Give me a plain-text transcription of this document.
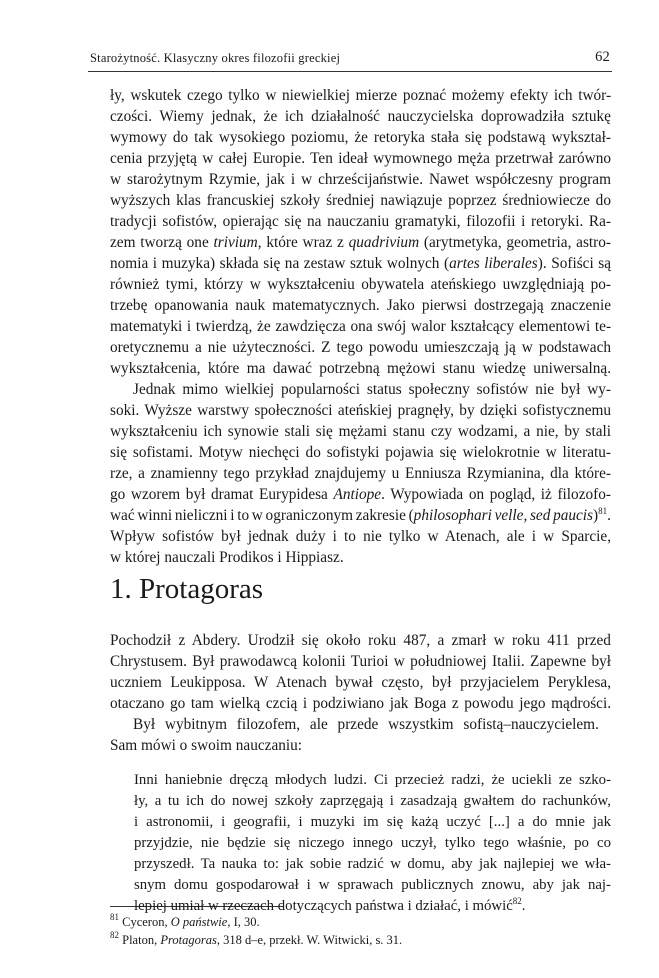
Starożytność. Klasyczny okres filozofii greckiej	62
1. Protagoras
ły, wskutek czego tylko w niewielkiej mierze poznać możemy efekty ich twór-
czości. Wiemy jednak, że ich działalność nauczycielska doprowadziła sztukę
wymowy do tak wysokiego poziomu, że retoryka stała się podstawą wykształ-
cenia przyjętą w całej Europie. Ten ideał wymownego męża przetrwał zarówno
w starożytnym Rzymie, jak i w chrześcijaństwie. Nawet współczesny program
wyższych klas francuskiej szkoły średniej nawiązuje poprzez średniowiecze do
tradycji sofistów, opierając się na nauczaniu gramatyki, filozofii i retoryki. Ra-
zem tworzą one trivium, które wraz z quadrivium (arytmetyka, geometria, astro-
nomia i muzyka) składa się na zestaw sztuk wolnych (artes liberales). Sofiści są
również tymi, którzy w wykształceniu obywatela ateńskiego uwzględniają po-
trzebę opanowania nauk matematycznych. Jako pierwsi dostrzegają znaczenie
matematyki i twierdzą, że zawdzięcza ona swój walor kształcący elementowi te-
oretycznemu a nie użyteczności. Z tego powodu umieszczają ją w podstawach
wykształcenia, które ma dawać potrzebną mężowi stanu wiedzę uniwersalną.
Jednak mimo wielkiej popularności status społeczny sofistów nie był wy-
soki. Wyższe warstwy społeczności ateńskiej pragnęły, by dzięki sofistycznemu
wykształceniu ich synowie stali się mężami stanu czy wodzami, a nie, by stali
się sofistami. Motyw niechęci do sofistyki pojawia się wielokrotnie w literatu-
rze, a znamienny tego przykład znajdujemy u Enniusza Rzymianina, dla które-
go wzorem był dramat Eurypidesa Antiope. Wypowiada on pogląd, iż filozofo-
wać winni nieliczni i to w ograniczonym zakresie (philosophari velle, sed paucis)$^{81}$.
Wpływ sofistów był jednak duży i to nie tylko w Atenach, ale i w Sparcie,
w której nauczali Prodikos i Hippiasz.
Pochodził z Abdery. Urodził się około roku 487, a zmarł w roku 411 przed
Chrystusem. Był prawodawcą kolonii Turioi w południowej Italii. Zapewne był
uczniem Leukipposa. W Atenach bywał często, był przyjacielem Peryklesa,
otaczano go tam wielką czcią i podziwiano jak Boga z powodu jego mądrości.
Był wybitnym filozofem, ale przede wszystkim sofistą–nauczycielem.
Sam mówi o swoim nauczaniu:
Inni haniebnie dręczą młodych ludzi. Ci przecież radzi, że uciekli ze szko-
ły, a tu ich do nowej szkoły zaprzęgają i zasadzają gwałtem do rachunków,
i astronomii, i geografii, i muzyki im się każą uczyć [...] a do mnie jak
przyjdzie, nie będzie się niczego innego uczył, tylko tego właśnie, po co
przyszedł. Ta nauka to: jak sobie radzić w domu, aby jak najlepiej we wła-
snym domu gospodarował i w sprawach publicznych znowu, aby jak naj-
lepiej umiał w rzeczach dotyczących państwa i działać, i mówić$^{82}$.
$^{81}$ Cyceron, O państwie, I, 30.
$^{82}$ Platon, Protagoras, 318 d–e, przekł. W. Witwicki, s. 31.
